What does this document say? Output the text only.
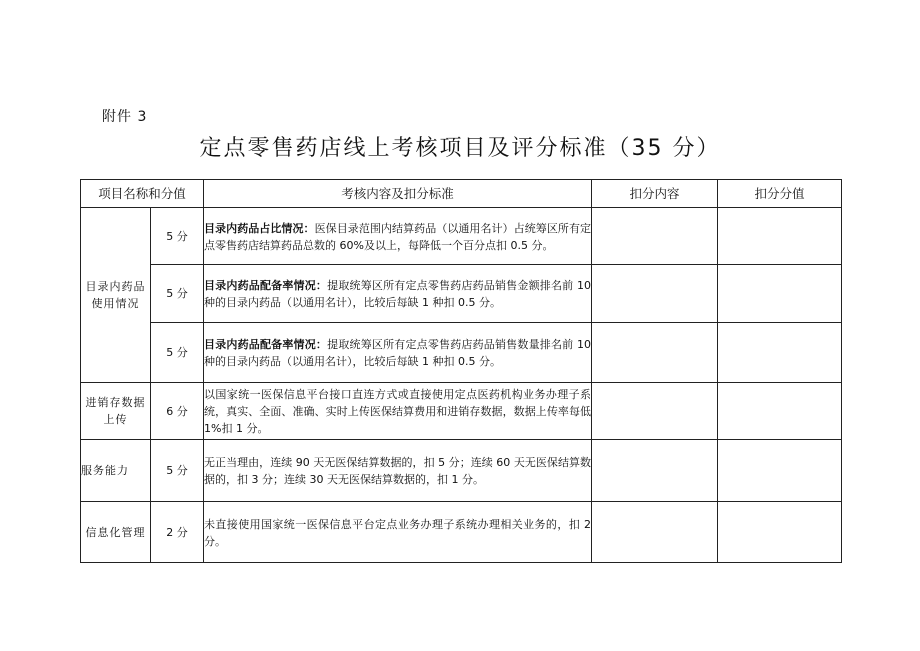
附件 3
定点零售药店线上考核项目及评分标准（35 分）
项目名称和分值		考核内容及扣分标准	扣分内容	扣分分值
目录内药品使用情况	5 分	目录内药品占比情况：医保目录范围内结算药品（以通用名计）占统筹区所有定点零售药店结算药品总数的 60%及以上，每降低一个百分点扣 0.5 分。		

	5 分	目录内药品配备率情况：提取统筹区所有定点零售药店药品销售金额排名前 10 种的目录内药品（以通用名计），比较后每缺 1 种扣 0.5 分。		

	5 分	目录内药品配备率情况：提取统筹区所有定点零售药店药品销售数量排名前 10 种的目录内药品（以通用名计），比较后每缺 1 种扣 0.5 分。		

进销存数据上传	6 分	以国家统一医保信息平台接口直连方式或直接使用定点医药机构业务办理子系统，真实、全面、准确、实时上传医保结算费用和进销存数据，数据上传率每低 1%扣 1 分。		

服务能力	5 分	无正当理由，连续 90 天无医保结算数据的，扣 5 分；连续 60 天无医保结算数据的，扣 3 分；连续 30 天无医保结算数据的，扣 1 分。		

信息化管理	2 分	未直接使用国家统一医保信息平台定点业务办理子系统办理相关业务的，扣 2 分。		
